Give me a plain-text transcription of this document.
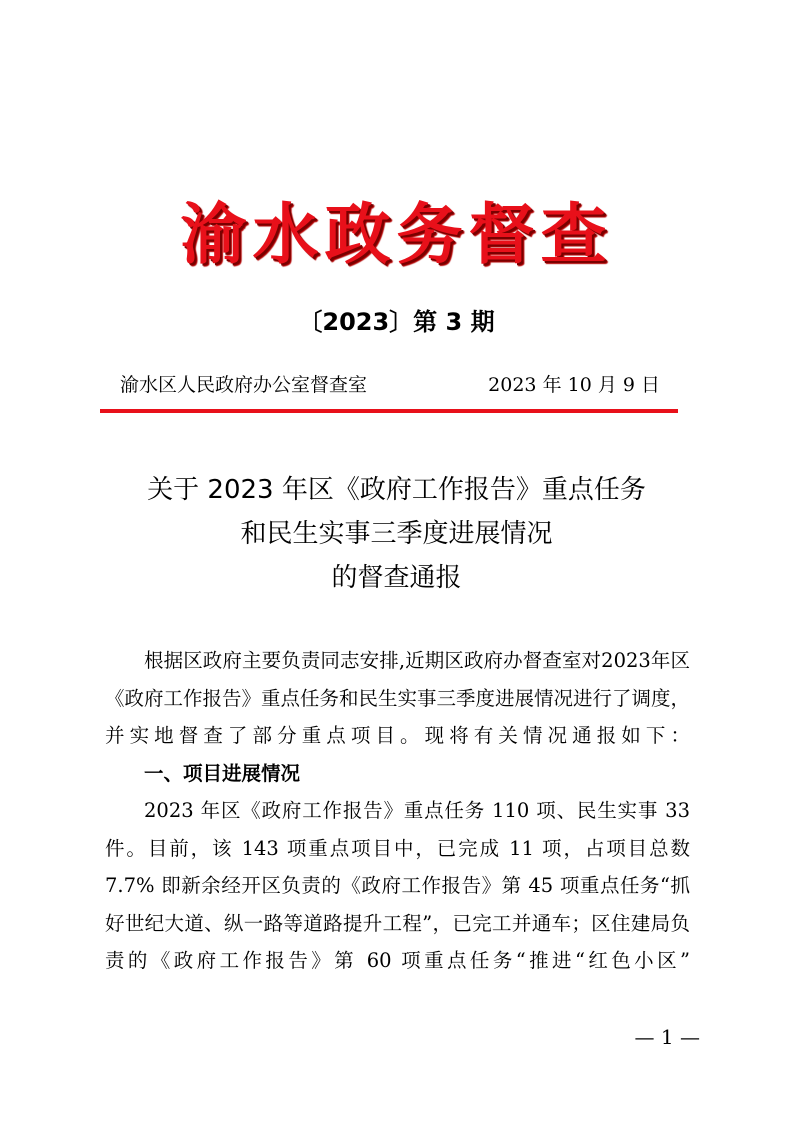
渝水政务督查
〔2023〕第 3 期
渝水区人民政府办公室督查室	2023 年 10 月 9 日
关于 2023 年区《政府工作报告》重点任务
和民生实事三季度进展情况
的督查通报

根据区政府主要负责同志安排,近期区政府办督查室对2023年区《政府工作报告》重点任务和民生实事三季度进展情况进行了调度，并实地督查了部分重点项目。现将有关情况通报如下：

一、项目进展情况

2023 年区《政府工作报告》重点任务 110 项、民生实事 33 件。目前，该 143 项重点项目中，已完成 11 项，占项目总数 7.7% 即新余经开区负责的《政府工作报告》第 45 项重点任务“抓好世纪大道、纵一路等道路提升工程”，已完工并通车；区住建局负责的《政府工作报告》第 60 项重点任务“推进“红色小区”

— 1 —
